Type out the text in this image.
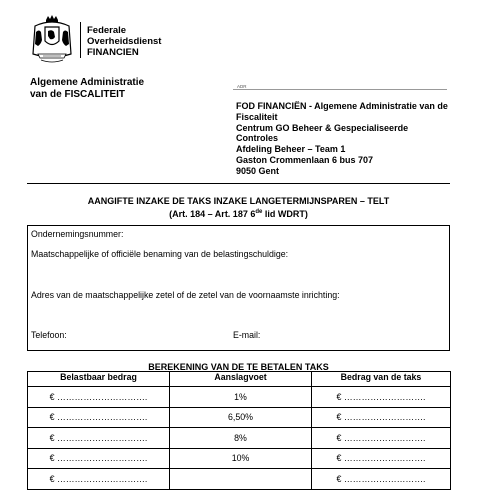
Federale
Overheidsdienst
FINANCIEN
Algemene Administratie
van de FISCALITEIT
ADR
FOD FINANCIËN - Algemene Administratie van de Fiscaliteit
Centrum GO Beheer & Gespecialiseerde Controles
Afdeling Beheer – Team 1
Gaston Crommenlaan 6 bus 707
9050 Gent
AANGIFTE INZAKE DE TAKS INZAKE LANGETERMIJNSPAREN – TELT
(Art. 184 – Art. 187 6de lid WDRT)
Ondernemingsnummer:
Maatschappelijke of officiële benaming van de belastingschuldige:
Adres van de maatschappelijke zetel of de zetel van de voornaamste inrichting:
Telefoon:	E-mail:
BEREKENING VAN DE TE BETALEN TAKS
Belastbaar bedrag	Aanslagvoet	Bedrag van de taks
€ ………………………….	1%	€ ……………………….
€ ………………………….	6,50%	€ ……………………….
€ ………………………….	8%	€ ……………………….
€ ………………………….	10%	€ ……………………….
€ ………………………….		€ ……………………….
